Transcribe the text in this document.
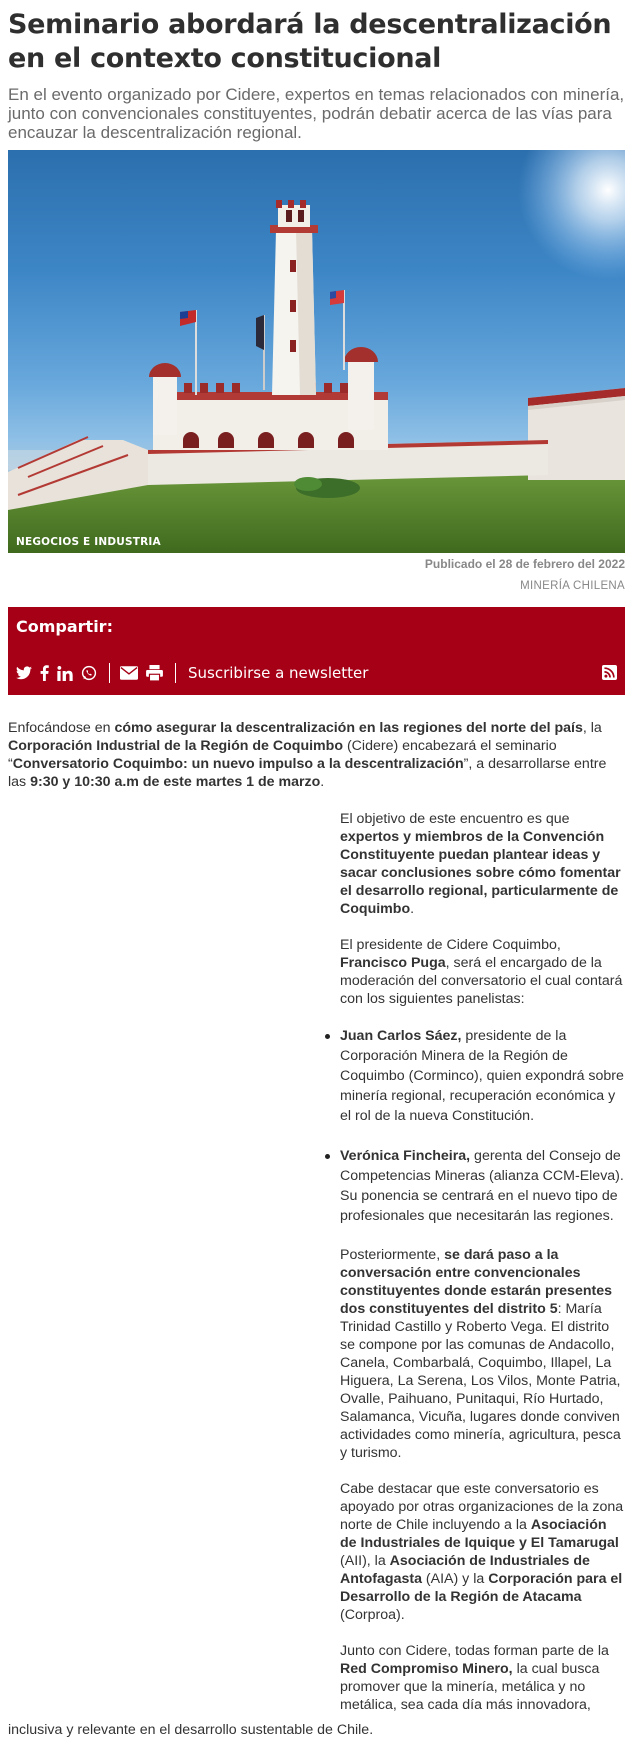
Seminario abordará la descentralización en el contexto constitucional

En el evento organizado por Cidere, expertos en temas relacionados con minería, junto con convencionales constituyentes, podrán debatir acerca de las vías para encauzar la descentralización regional.

NEGOCIOS E INDUSTRIA
Publicado el 28 de febrero del 2022
MINERÍA CHILENA
Compartir:
Suscribirse a newsletter

Enfocándose en cómo asegurar la descentralización en las regiones del norte del país, la Corporación Industrial de la Región de Coquimbo (Cidere) encabezará el seminario “Conversatorio Coquimbo: un nuevo impulso a la descentralización”, a desarrollarse entre las 9:30 y 10:30 a.m de este martes 1 de marzo.

El objetivo de este encuentro es que expertos y miembros de la Convención Constituyente puedan plantear ideas y sacar conclusiones sobre cómo fomentar el desarrollo regional, particularmente de Coquimbo.

El presidente de Cidere Coquimbo, Francisco Puga, será el encargado de la moderación del conversatorio el cual contará con los siguientes panelistas:

Juan Carlos Sáez, presidente de la Corporación Minera de la Región de Coquimbo (Corminco), quien expondrá sobre minería regional, recuperación económica y el rol de la nueva Constitución.
Verónica Fincheira, gerenta del Consejo de Competencias Mineras (alianza CCM-Eleva). Su ponencia se centrará en el nuevo tipo de profesionales que necesitarán las regiones.

Posteriormente, se dará paso a la conversación entre convencionales constituyentes donde estarán presentes dos constituyentes del distrito 5: María Trinidad Castillo y Roberto Vega. El distrito se compone por las comunas de Andacollo, Canela, Combarbalá, Coquimbo, Illapel, La Higuera, La Serena, Los Vilos, Monte Patria, Ovalle, Paihuano, Punitaqui, Río Hurtado, Salamanca, Vicuña, lugares donde conviven actividades como minería, agricultura, pesca y turismo.

Cabe destacar que este conversatorio es apoyado por otras organizaciones de la zona norte de Chile incluyendo a la Asociación de Industriales de Iquique y El Tamarugal (AII), la Asociación de Industriales de Antofagasta (AIA) y la Corporación para el Desarrollo de la Región de Atacama (Corproa).

Junto con Cidere, todas forman parte de la Red Compromiso Minero, la cual busca promover que la minería, metálica y no metálica, sea cada día más innovadora,

inclusiva y relevante en el desarrollo sustentable de Chile.
